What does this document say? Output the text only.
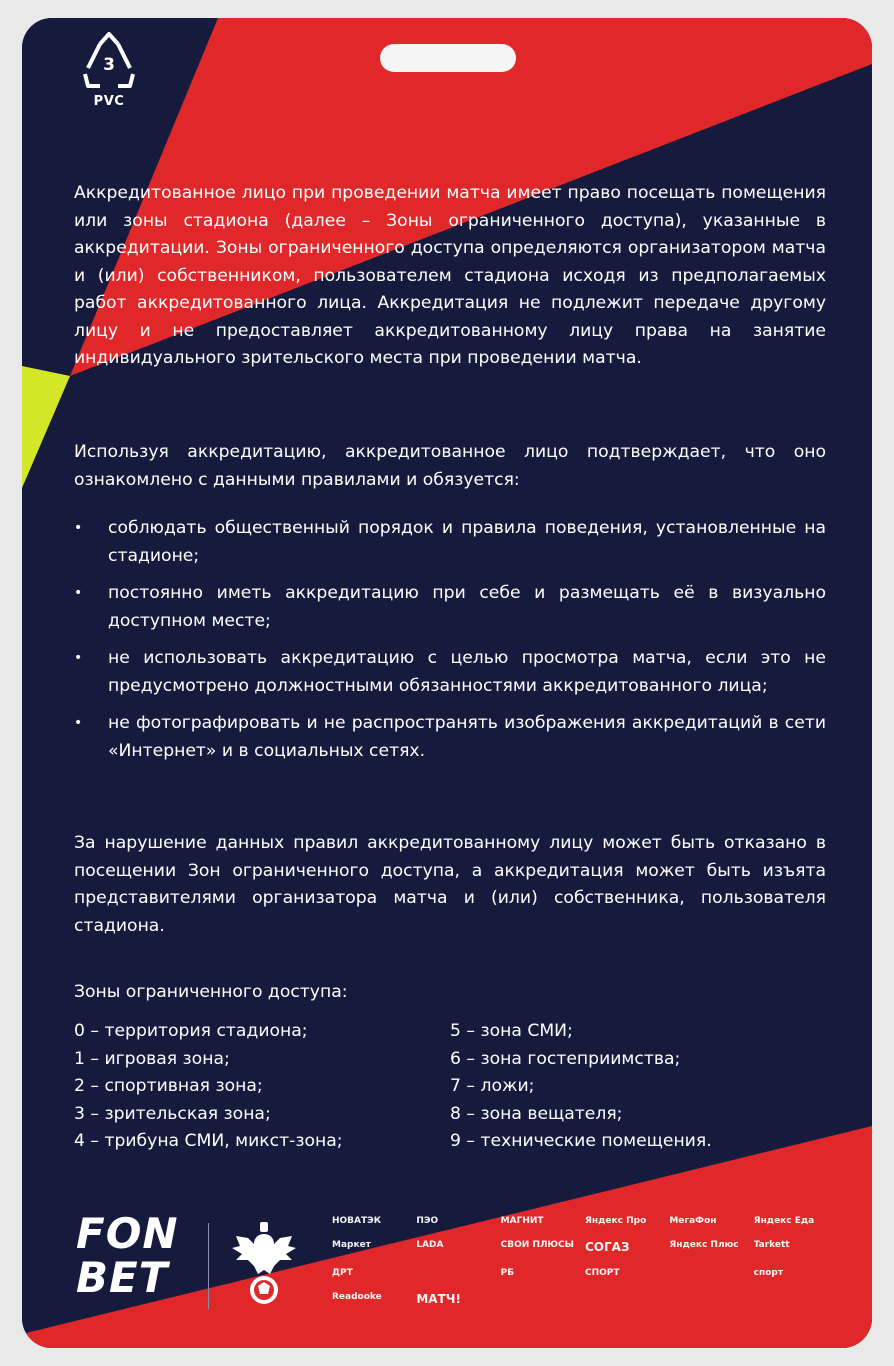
3
PVC
Аккредитованное лицо при проведении матча имеет право посещать помещения или зоны стадиона (далее – Зоны ограниченного доступа), указанные в аккредитации. Зоны ограниченного доступа определяются организатором матча и (или) собственником, пользователем стадиона исходя из предполагаемых работ аккредитованного лица. Аккредитация не подлежит передаче другому лицу и не предоставляет аккредитованному лицу права на занятие индивидуального зрительского места при проведении матча.
Используя аккредитацию, аккредитованное лицо подтверждает, что оно ознакомлено с данными правилами и обязуется:
• соблюдать общественный порядок и правила поведения, установленные на стадионе;
• постоянно иметь аккредитацию при себе и размещать её в визуально доступном месте;
• не использовать аккредитацию с целью просмотра матча, если это не предусмотрено должностными обязанностями аккредитованного лица;
• не фотографировать и не распространять изображения аккредитаций в сети «Интернет» и в социальных сетях.
За нарушение данных правил аккредитованному лицу может быть отказано в посещении Зон ограниченного доступа, а аккредитация может быть изъята представителями организатора матча и (или) собственника, пользователя стадиона.
Зоны ограниченного доступа:
0 – территория стадиона;
1 – игровая зона;
2 – спортивная зона;
3 – зрительская зона;
4 – трибуна СМИ, микст-зона;
5 – зона СМИ;
6 – зона гостеприимства;
7 – ложи;
8 – зона вещателя;
9 – технические помещения.
FON
BET
НОВАТЭК	ПЭО	МАГНИТ	Яндекс Про	МегаФон	Яндекс Еда
Маркет	LADA	СВОИ ПЛЮСЫ СОГАЗ	Яндекс Плюс	Tarkett
ДРТ	РБ	СПОРТ	спорт
Readooke	МАТЧ!
